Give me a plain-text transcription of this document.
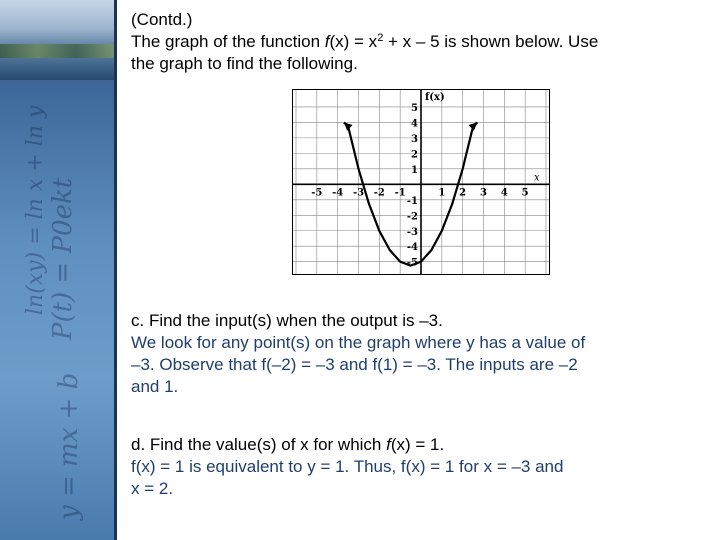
ln(xy) = ln x + ln y P(t) = P0ekt
y = mx + b
(Contd.)
The graph of the function $f(x) = x^2 + x - 5$ is shown below. Use
the graph to find the following.
x
f(x)
-5 -4 -3 -2 -1	1 2 3 4 5
5
4
3
2
1
-1
-2
-3
-4
-5
c. Find the input(s) when the output is –3.
We look for any point(s) on the graph where y has a value of
–3. Observe that f(–2) = –3 and f(1) = –3. The inputs are –2
and 1.
d. Find the value(s) of x for which f(x) = 1.
f(x) = 1 is equivalent to y = 1. Thus, f(x) = 1 for x = –3 and
x = 2.
